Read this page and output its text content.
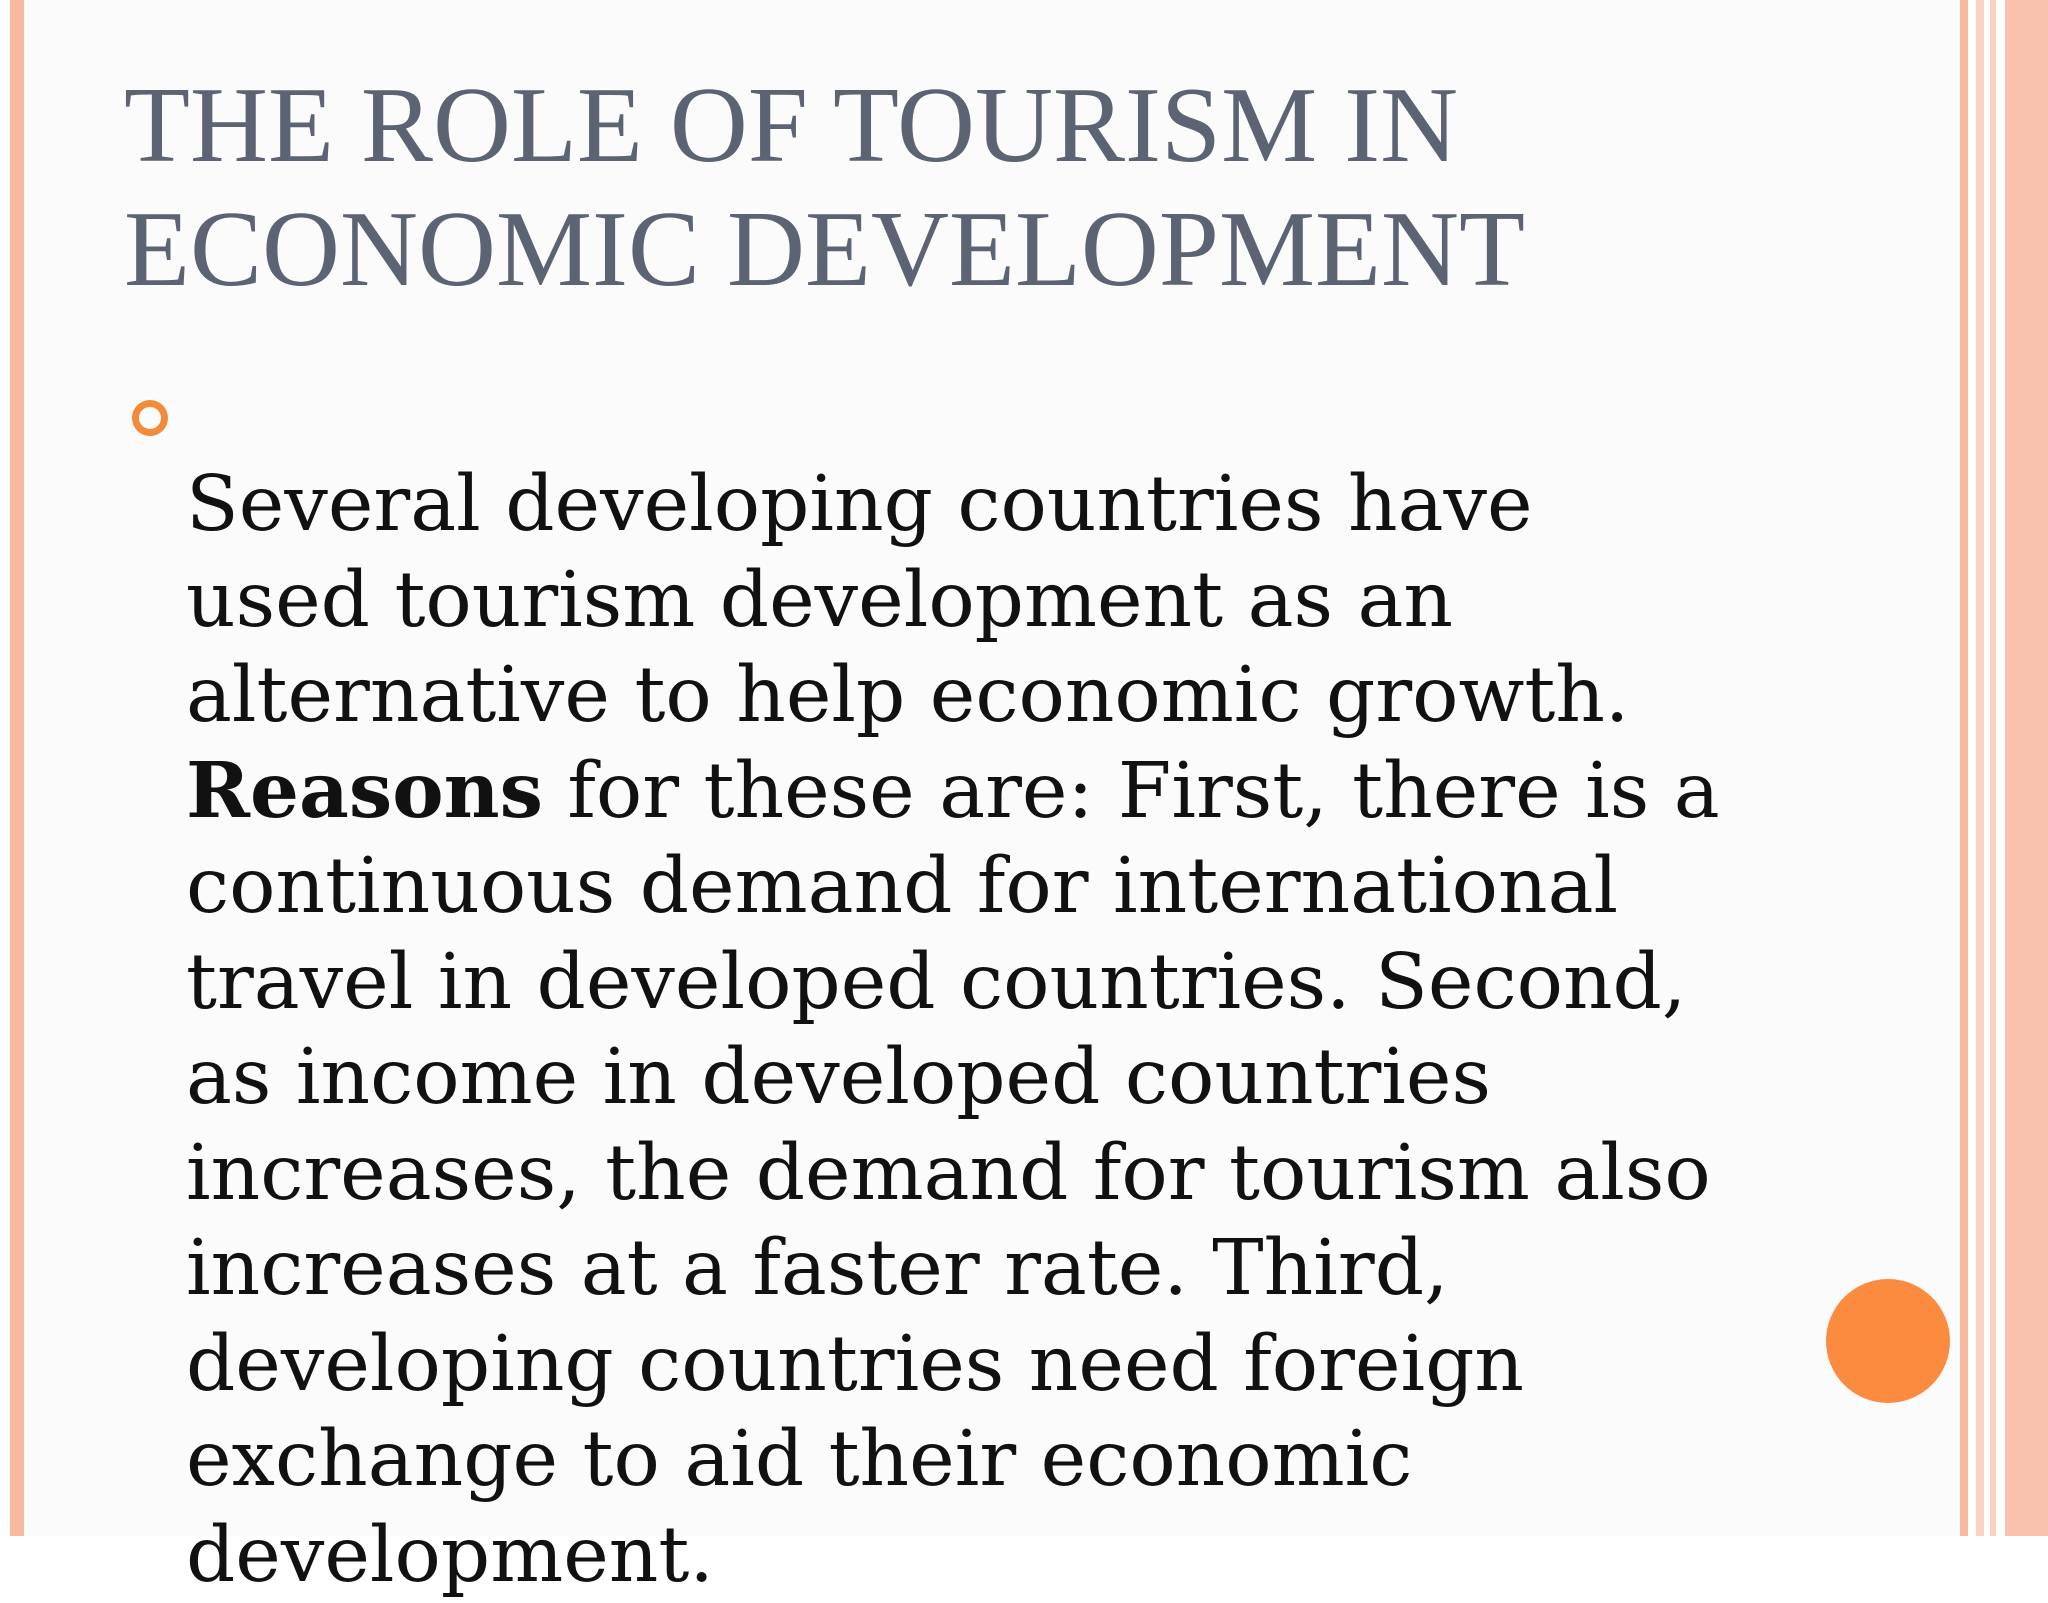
THE ROLE OF TOURISM IN
ECONOMIC DEVELOPMENT

Several developing countries have used tourism development as an alternative to help economic growth. Reasons for these are: First, there is a continuous demand for international travel in developed countries. Second, as income in developed countries increases, the demand for tourism also increases at a faster rate. Third, developing countries need foreign exchange to aid their economic development.
